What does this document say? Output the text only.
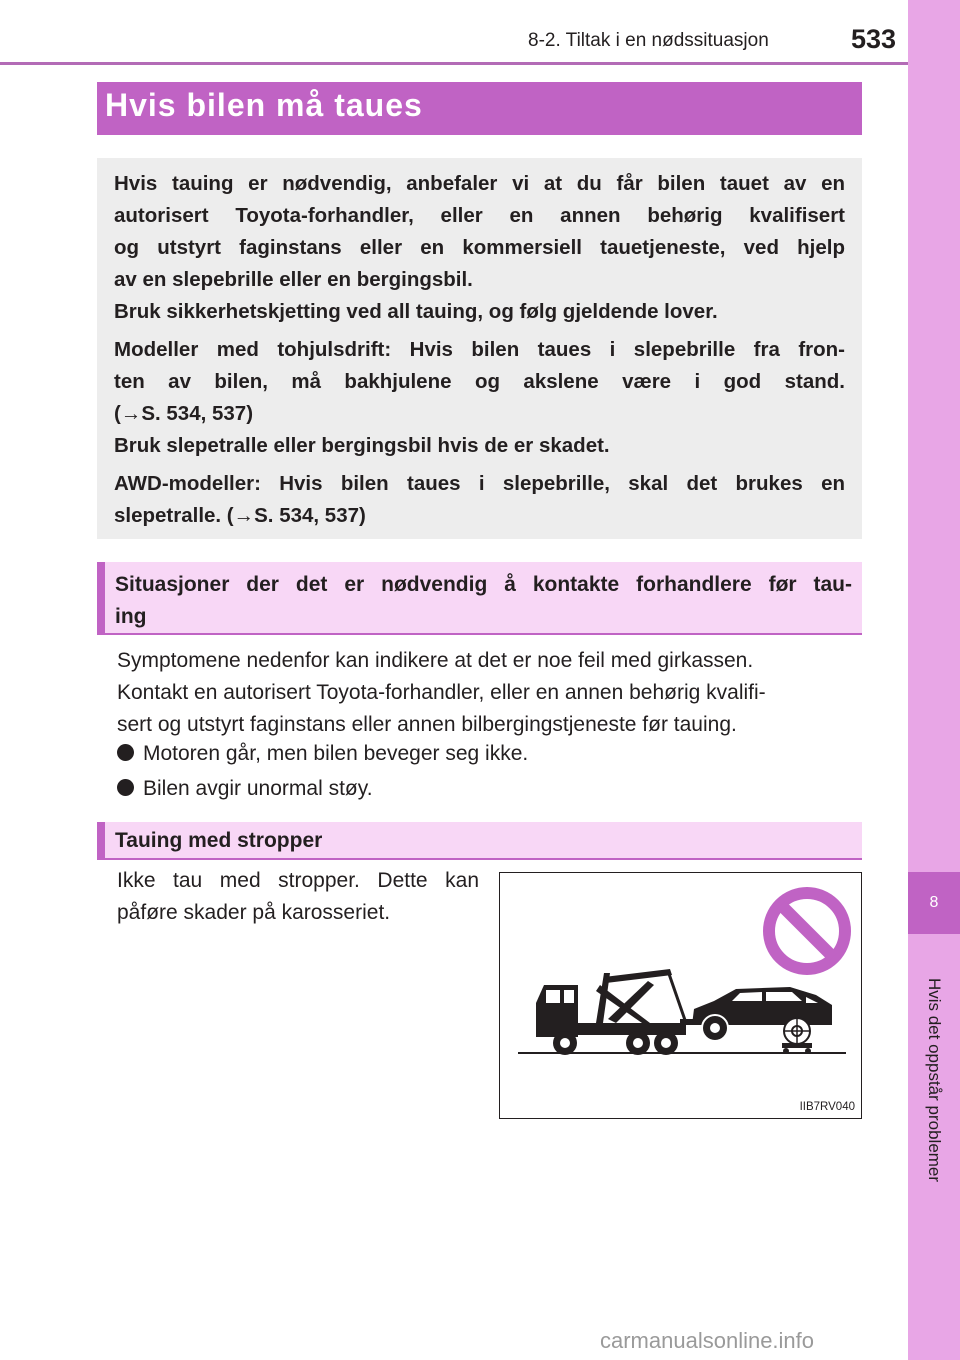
8-2. Tiltak i en nødssituasjon	533
8
Hvis det oppstår problemer
Hvis bilen må taues

Hvis tauing er nødvendig, anbefaler vi at du får bilen tauet av en
autorisert Toyota-forhandler, eller en annen behørig kvalifisert
og utstyrt faginstans eller en kommersiell tauetjeneste, ved hjelp
av en slepebrille eller en bergingsbil.

Bruk sikkerhetskjetting ved all tauing, og følg gjeldende lover.

Modeller med tohjulsdrift: Hvis bilen taues i slepebrille fra fron-
ten av bilen, må bakhjulene og akslene være i god stand.
(→S. 534, 537)

Bruk slepetralle eller bergingsbil hvis de er skadet.

AWD-modeller: Hvis bilen taues i slepebrille, skal det brukes en
slepetralle. (→S. 534, 537)

Situasjoner der det er nødvendig å kontakte forhandlere før tau-
ing
Symptomene nedenfor kan indikere at det er noe feil med girkassen.
Kontakt en autorisert Toyota-forhandler, eller en annen behørig kvalifi-
sert og utstyrt faginstans eller annen bilbergingstjeneste før tauing.
Motoren går, men bilen beveger seg ikke.
Bilen avgir unormal støy.
Tauing med stropper
Ikke tau med stropper. Dette kan
påføre skader på karosseriet.
IIB7RV040
carmanualsonline.info
